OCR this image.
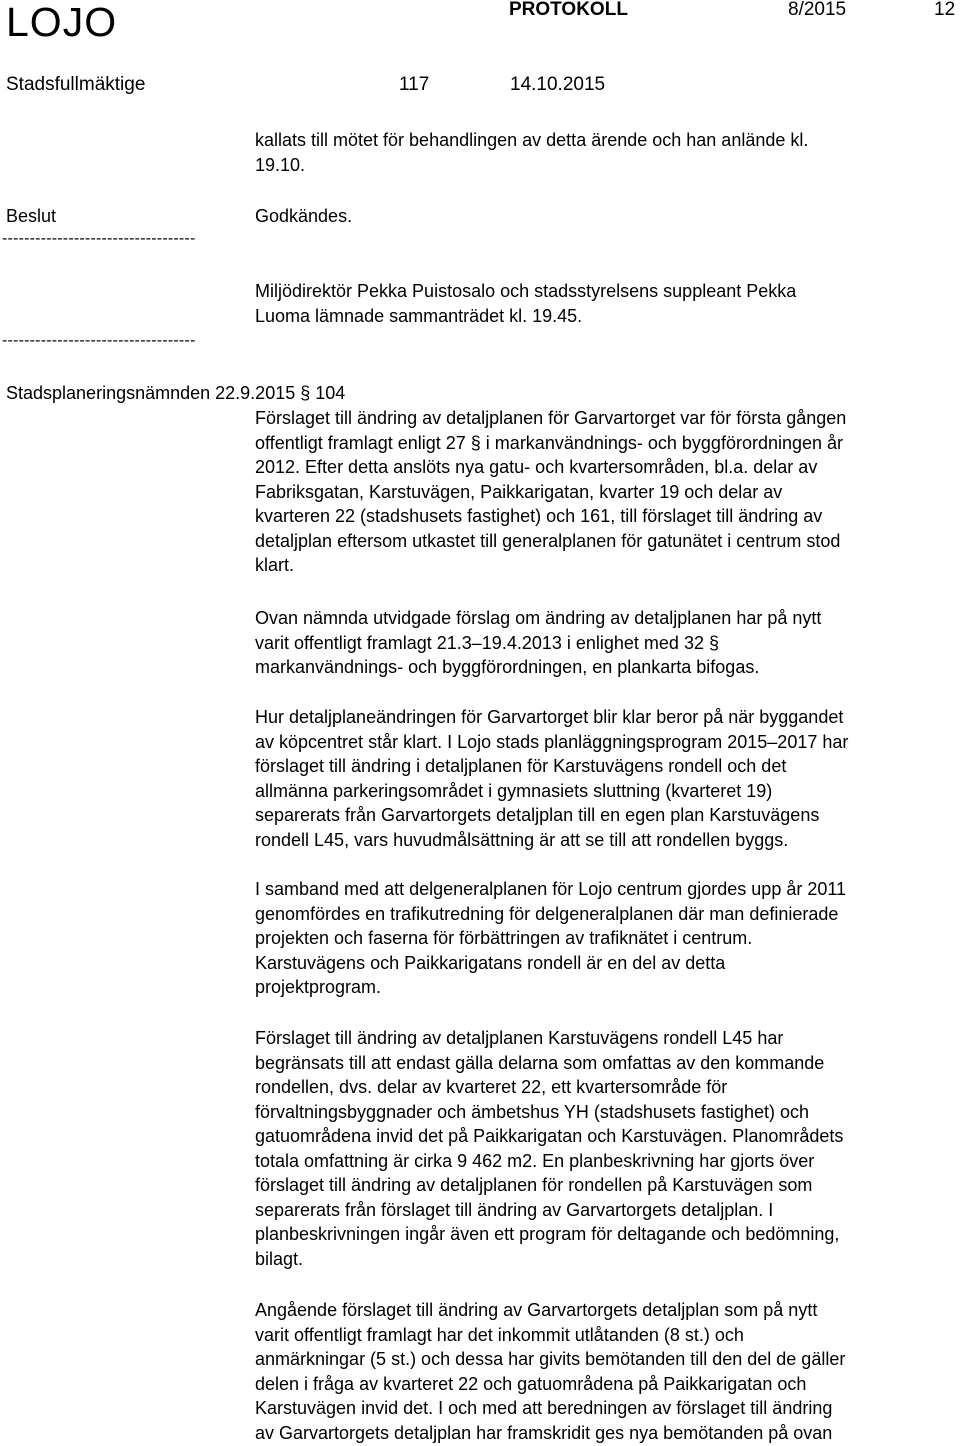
LOJO	PROTOKOLL	8/2015	12
Stadsfullmäktige	117	14.10.2015

kallats till mötet för behandlingen av detta ärende och han anlände kl.

19.10.

Beslut	Godkändes.

-----------------------------------

Miljödirektör Pekka Puistosalo och stadsstyrelsens suppleant Pekka

Luoma lämnade sammanträdet kl. 19.45.

-----------------------------------
Stadsplaneringsnämnden 22.9.2015 § 104

Förslaget till ändring av detaljplanen för Garvartorget var för första gången

offentligt framlagt enligt 27 § i markanvändnings- och byggförordningen år

2012. Efter detta anslöts nya gatu- och kvartersområden, bl.a. delar av

Fabriksgatan, Karstuvägen, Paikkarigatan, kvarter 19 och delar av

kvarteren 22 (stadshusets fastighet) och 161, till förslaget till ändring av

detaljplan eftersom utkastet till generalplanen för gatunätet i centrum stod

klart.

Ovan nämnda utvidgade förslag om ändring av detaljplanen har på nytt

varit offentligt framlagt 21.3–19.4.2013 i enlighet med 32 §

markanvändnings- och byggförordningen, en plankarta bifogas.

Hur detaljplaneändringen för Garvartorget blir klar beror på när byggandet

av köpcentret står klart. I Lojo stads planläggningsprogram 2015–2017 har

förslaget till ändring i detaljplanen för Karstuvägens rondell och det

allmänna parkeringsområdet i gymnasiets sluttning (kvarteret 19)

separerats från Garvartorgets detaljplan till en egen plan Karstuvägens

rondell L45, vars huvudmålsättning är att se till att rondellen byggs.

I samband med att delgeneralplanen för Lojo centrum gjordes upp år 2011

genomfördes en trafikutredning för delgeneralplanen där man definierade

projekten och faserna för förbättringen av trafiknätet i centrum.

Karstuvägens och Paikkarigatans rondell är en del av detta

projektprogram.

Förslaget till ändring av detaljplanen Karstuvägens rondell L45 har

begränsats till att endast gälla delarna som omfattas av den kommande

rondellen, dvs. delar av kvarteret 22, ett kvartersområde för

förvaltningsbyggnader och ämbetshus YH (stadshusets fastighet) och

gatuområdena invid det på Paikkarigatan och Karstuvägen. Planområdets

totala omfattning är cirka 9 462 m2. En planbeskrivning har gjorts över

förslaget till ändring av detaljplanen för rondellen på Karstuvägen som

separerats från förslaget till ändring av Garvartorgets detaljplan. I

planbeskrivningen ingår även ett program för deltagande och bedömning,

bilagt.

Angående förslaget till ändring av Garvartorgets detaljplan som på nytt

varit offentligt framlagt har det inkommit utlåtanden (8 st.) och

anmärkningar (5 st.) och dessa har givits bemötanden till den del de gäller

delen i fråga av kvarteret 22 och gatuområdena på Paikkarigatan och

Karstuvägen invid det. I och med att beredningen av förslaget till ändring

av Garvartorgets detaljplan har framskridit ges nya bemötanden på ovan
